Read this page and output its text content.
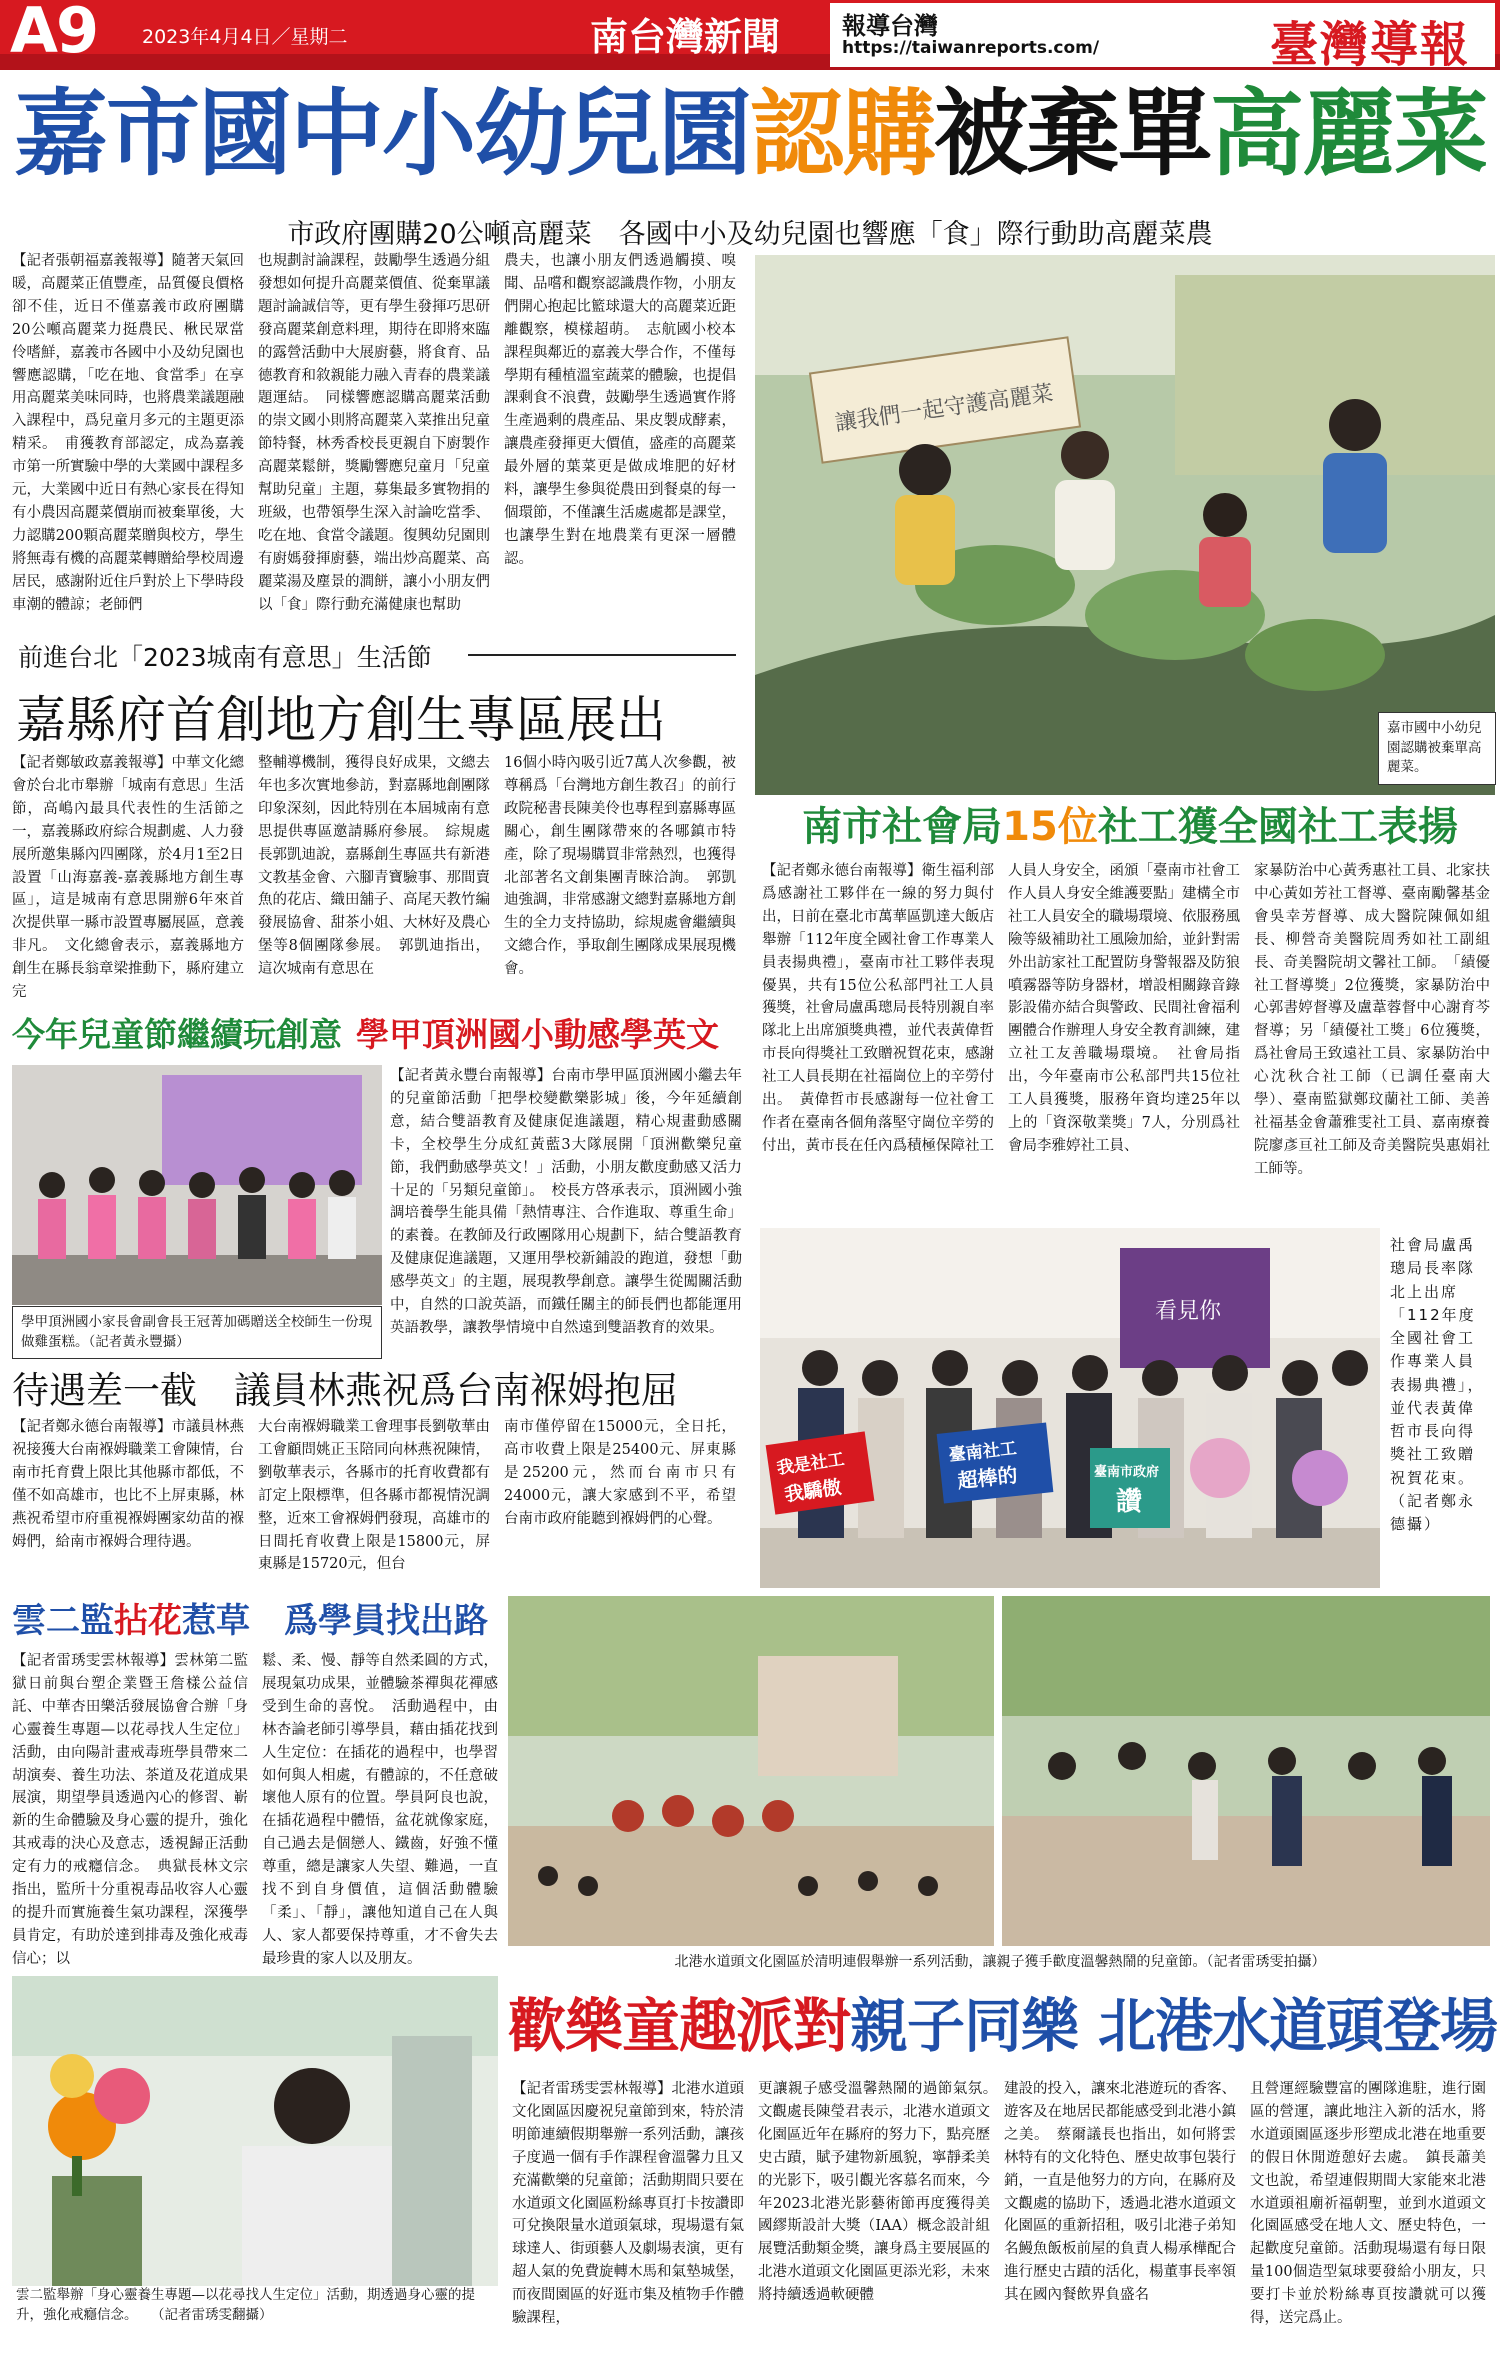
A9 2023年4月4日／星期二	南台灣新聞	報導台灣
https://taiwanreports.com/	臺灣導報
嘉市國中小幼兒園認購被棄單高麗菜
市政府團購20公噸高麗菜　各國中小及幼兒園也響應「食」際行動助高麗菜農
【記者張朝福嘉義報導】隨著天氣回暖，高麗菜正值豐產，品質優良價格卻不佳，近日不僅嘉義市政府團購20公噸高麗菜力挺農民、楸民眾當伶嗜鮮，嘉義市各國中小及幼兒園也響應認購，「吃在地、食當季」在享用高麗菜美味同時，也將農業議題融入課程中，爲兒童月多元的主題更添精采。　甫獲教育部認定，成為嘉義市第一所實驗中學的大業國中課程多元，大業國中近日有熱心家長在得知有小農因高麗菜價崩而被棄單後，大力認購200顆高麗菜贈與校方，學生將無毒有機的高麗菜轉贈給學校周邊居民，感謝附近住戶對於上下學時段車潮的體諒；老師們
也規劃討論課程，鼓勵學生透過分組發想如何提升高麗菜價值、從棄單議題討論誠信等，更有學生發揮巧思研發高麗菜創意料理，期待在即將來臨的露營活動中大展廚藝，將食育、品德教育和敘親能力融入青春的農業議題運結。　同樣響應認購高麗菜活動的崇文國小則將高麗菜入菜推出兒童節特餐，林秀香校長更親自下廚製作高麗菜鬆餅，獎勵響應兒童月「兒童幫助兒童」主題，募集最多實物捐的班級，也帶領學生深入討論吃當季、吃在地、食當令議題。復興幼兒園則有廚媽發揮廚藝，端出炒高麗菜、高麗菜湯及塵景的澗餅，讓小小朋友們以「食」際行動充滿健康也幫助
農夫，也讓小朋友們透過觸摸、嗅聞、品嚐和觀察認識農作物，小朋友們開心抱起比籃球還大的高麗菜近距離觀察，模樣超萌。　志航國小校本課程與鄰近的嘉義大學合作，不僅每學期有種植溫室蔬菜的體驗，也提倡課剩食不浪費，鼓勵學生透過實作將生產過剩的農產品、果皮製成酵素，讓農產發揮更大價值，盛產的高麗菜最外層的葉菜更是做成堆肥的好材料，讓學生參與從農田到餐桌的每一個環節，不僅讓生活處處都是課堂，也讓學生對在地農業有更深一層體認。
讓我們一起守護高麗菜
嘉市國中小幼兒園認購被棄單高麗菜。
前進台北「2023城南有意思」生活節
嘉縣府首創地方創生專區展出
【記者鄭敏政嘉義報導】中華文化總會於台北市舉辦「城南有意思」生活節，高嶋內最具代表性的生活節之一，嘉義縣政府綜合規劃處、人力發展所邀集縣內四團隊，於4月1至2日設置「山海嘉義-嘉義縣地方創生專區」，這是城南有意思開辦6年來首次提供單一縣市設置專屬展區，意義非凡。　文化總會表示，嘉義縣地方創生在縣長翁章梁推動下，縣府建立完
整輔導機制，獲得良好成果，文總去年也多次實地參訪，對嘉縣地創團隊印象深刻，因此特別在本屆城南有意思提供專區邀請縣府參展。　綜規處長郭凱迪說，嘉縣創生專區共有新港文教基金會、六腳青寶驗事、那間賣魚的花店、織田舖子、高尾天教竹編發展協會、甜茶小姐、大林好及農心堡等8個團隊參展。　郭凱迪指出，這次城南有意思在
16個小時內吸引近7萬人次參觀，被尊稱爲「台灣地方創生教召」的前行政院秘書長陳美伶也專程到嘉縣專區關心，創生團隊帶來的各哪鎮市特產，除了現場購買非常熱烈，也獲得北部著名文創集團青睞洽詢。　郭凱迪強調，非常感謝文總對嘉縣地方創生的全力支持協助，綜規處會繼續與文總合作，爭取創生團隊成果展現機會。
南市社會局15位社工獲全國社工表揚
【記者鄭永德台南報導】衛生福利部爲感謝社工夥伴在一線的努力與付出，日前在臺北市萬華區凱達大飯店舉辦「112年度全國社會工作專業人員表揚典禮」，臺南市社工夥伴表現優異，共有15位公私部門社工人員獲獎，社會局盧禹璁局長特別親自率隊北上出席頒獎典禮，並代表黃偉哲市長向得獎社工致贈祝賀花束，感謝社工人員長期在社福崗位上的辛勞付出。　黃偉哲市長感謝每一位社會工作者在臺南各個角落堅守崗位辛勞的付出，黃市長在任內爲積極保障社工
人員人身安全，函頒「臺南市社會工作人員人身安全維護要點」建構全市社工人員安全的職場環境、依服務風險等級補助社工風險加給，並針對需外出訪家社工配置防身警報器及防狼噴霧器等防身器材，增設相關錄音錄影設備亦結合與警政、民間社會福利團體合作辦理人身安全教育訓練，建立社工友善職場環境。　社會局指出，今年臺南市公私部門共15位社工人員獲獎，服務年資均達25年以上的「資深敬業獎」7人，分別爲社會局李雅婷社工員、
家暴防治中心黃秀惠社工員、北家扶中心黃如芳社工督導、臺南勵馨基金會吳幸芳督導、成大醫院陳佩如組長、柳營奇美醫院周秀如社工副組長、奇美醫院胡文馨社工師。　「績優社工督導獎」2位獲獎，家暴防治中心郭書婷督導及盧葦蓉督中心謝育芩督導；另「績優社工獎」6位獲獎，爲社會局王致遠社工員、家暴防治中心沈秋合社工師（已調任臺南大學）、臺南監獄鄭玟蘭社工師、美善社福基金會蕭雅雯社工員、嘉南療養院廖彥亘社工師及奇美醫院吳惠娟社工師等。
看見你
我是社工
我驕傲
臺南社工
超棒的	臺南市政府
讚
社會局盧禹璁局長率隊北上出席「112年度全國社會工作專業人員表揚典禮」，並代表黃偉哲市長向得獎社工致贈祝賀花束。（記者鄭永德攝）
今年兒童節繼續玩創意 學甲頂洲國小動感學英文
學甲頂洲國小家長會副會長王冠菁加碼贈送全校師生一份現做雞蛋糕。（記者黃永豐攝）
【記者黃永豐台南報導】台南市學甲區頂洲國小繼去年的兒童節活動「把學校變歡樂影城」後，今年延續創意，結合雙語教育及健康促進議題，精心規畫動感關卡，全校學生分成紅黃藍3大隊展開「頂洲歡樂兒童節，我們動感學英文！」活動，小朋友歡度動感又活力十足的「另類兒童節」。　校長方啓承表示，頂洲國小強調培養學生能具備「熱情專注、合作進取、尊重生命」的素養。在教師及行政團隊用心規劃下，結合雙語教育及健康促進議題，又運用學校新鋪設的跑道，發想「動感學英文」的主題，展現教學創意。讓學生從闖關活動中，自然的口說英語，而鐵任關主的師長們也都能運用英語教學，讓教學情境中自然遠到雙語教育的效果。
待遇差一截　議員林燕祝爲台南褓姆抱屈
【記者鄭永德台南報導】市議員林燕祝接獲大台南褓姆職業工會陳情，台南市托育費上限比其他縣市都低，不僅不如高雄市，也比不上屏東縣，林燕祝希望市府重視褓姆團家幼苗的褓姆們，給南市褓姆合理待遇。
大台南褓姆職業工會理事長劉敬華由工會顧問姚正玉陪同向林燕祝陳情，劉敬華表示，各縣市的托育收費都有訂定上限標準，但各縣市都視情況調整，近來工會褓姆們發現，高雄市的日間托育收費上限是15800元，屏東縣是15720元，但台
南市僅停留在15000元，全日托，高市收費上限是25400元、屏東縣是25200元，然而台南市只有24000元，讓大家感到不平，希望台南市政府能聽到褓姆們的心聲。
雲二監拈花惹草　爲學員找出路
【記者雷琇雯雲林報導】雲林第二監獄日前與台塑企業暨王詹樣公益信託、中華杏田樂活發展協會合辦「身心靈養生專題—以花尋找人生定位」活動，由向陽計畫戒毒班學員帶來二胡演奏、養生功法、茶道及花道成果展演，期望學員透過內心的修習、嶄新的生命體驗及身心靈的提升，強化其戒毒的決心及意志，透視歸正活動定有力的戒癮信念。　典獄長林文宗指出，監所十分重視毒品收容人心靈的提升而實施養生氣功課程，深獲學員肯定，有助於達到排毒及強化戒毒信心；以
鬆、柔、慢、靜等自然柔圓的方式，展現氣功成果，並體驗茶禪與花禪感受到生命的喜悅。　活動過程中，由林杏論老師引導學員，藉由插花找到人生定位：在插花的過程中，也學習如何與人相處，有體諒的，不任意破壞他人原有的位置。學員阿良也說，在插花過程中體悟，盆花就像家庭，自己過去是個戀人、鐵齒，好強不懂尊重，總是讓家人失望、難過，一直找不到自身價值，這個活動體驗「柔」、「靜」，讓他知道自己在人與人、家人都要保持尊重，才不會失去最珍貴的家人以及朋友。
雲二監舉辦「身心靈養生專題—以花尋找人生定位」活動，期透過身心靈的提升，強化戒癮信念。　　（記者雷琇雯翻攝）
北港水道頭文化園區於清明連假舉辦一系列活動，讓親子獲手歡度溫馨熱鬧的兒童節。（記者雷琇雯拍攝）
歡樂童趣派對親子同樂 北港水道頭登場
【記者雷琇雯雲林報導】北港水道頭文化園區因慶祝兒童節到來，特於清明節連續假期舉辦一系列活動，讓孩子度過一個有手作課程會溫馨力且又充滿歡樂的兒童節；活動期間只要在水道頭文化園區粉絲專頁打卡按讚即可兌換限量水道頭氣球，現場還有氣球達人、街頭藝人及劇場表演，更有超人氣的免費旋轉木馬和氣墊城堡，而夜間園區的好逛市集及植物手作體驗課程，
更讓親子感受溫馨熱鬧的過節氣氛。　文觀處長陳瑩君表示，北港水道頭文化園區近年在縣府的努力下，點亮歷史古蹟，賦予建物新風貌，寧靜柔美的光影下，吸引觀光客慕名而來，今年2023北港光影藝術節再度獲得美國繆斯設計大獎（IAA）概念設計組展覽活動類金獎，讓身爲主要展區的北港水道頭文化園區更添光彩，未來將持續透過軟硬體
建設的投入，讓來北港遊玩的香客、遊客及在地居民都能感受到北港小鎮之美。　蔡爾議長也指出，如何將雲林特有的文化特色、歷史故事包裝行銷，一直是他努力的方向，在縣府及文觀處的協助下，透過北港水道頭文化園區的重新招租，吸引北港子弟知名鰻魚飯板前屋的負責人楊承樺配合進行歷史古蹟的活化，楊董事長率領其在國內餐飲界負盛名
且營運經驗豐富的團隊進駐，進行園區的營運，讓此地注入新的活水，將水道頭園區逐步形塑成北港在地重要的假日休閒遊憩好去處。　鎮長蕭美文也說，希望連假期間大家能來北港水道頭祖廟祈福朝聖，並到水道頭文化園區感受在地人文、歷史特色，一起歡度兒童節。活動現場還有每日限量100個造型氣球要發給小朋友，只要打卡並於粉絲專頁按讚就可以獲得，送完爲止。
